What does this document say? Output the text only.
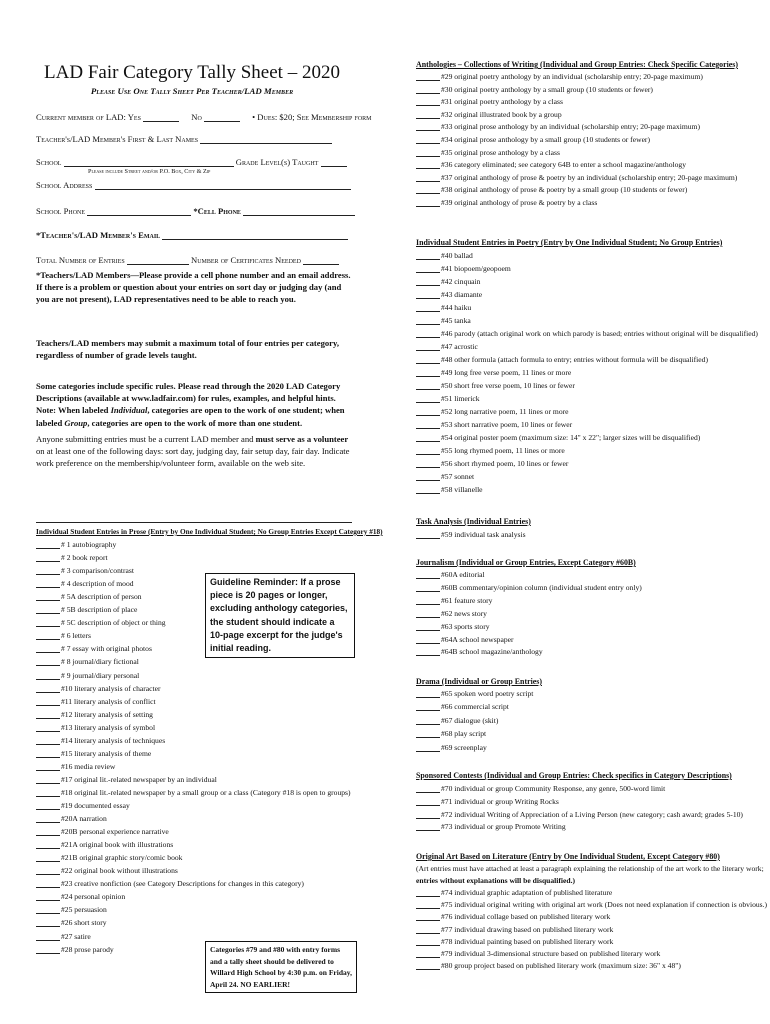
LAD Fair Category Tally Sheet – 2020
Please Use One Tally Sheet Per Teacher/LAD Member
Current member of LAD: Yes	No	• Dues: $20; See Membership form
Teacher's/LAD Member's First & Last Names
School	Grade Level(s) Taught
Please include Street and/or P.O. Box, City & Zip
School Address
School Phone	*Cell Phone
*Teacher's/LAD Member's Email
Total Number of Entries	Number of Certificates Needed
*Teachers/LAD Members—Please provide a cell phone number and an email address. If there is a problem or question about your entries on sort day or judging day (and you are not present), LAD representatives need to be able to reach you.
Teachers/LAD members may submit a maximum total of four entries per category, regardless of number of grade levels taught.
Some categories include specific rules. Please read through the 2020 LAD Category Descriptions (available at www.ladfair.com) for rules, examples, and helpful hints. Note: When labeled Individual, categories are open to the work of one student; when labeled Group, categories are open to the work of more than one student.
Anyone submitting entries must be a current LAD member and must serve as a volunteer on at least one of the following days: sort day, judging day, fair setup day, fair day. Indicate work preference on the membership/volunteer form, available on the web site.
Individual Student Entries in Prose (Entry by One Individual Student; No Group Entries Except Category #18)
# 1 autobiography
# 2 book report
# 3 comparison/contrast
# 4 description of mood
# 5A description of person
# 5B description of place
# 5C description of object or thing
# 6 letters
# 7 essay with original photos
# 8 journal/diary fictional
# 9 journal/diary personal
#10 literary analysis of character
#11 literary analysis of conflict
#12 literary analysis of setting
#13 literary analysis of symbol
#14 literary analysis of techniques
#15 literary analysis of theme
#16 media review
#17 original lit.-related newspaper by an individual
#18 original lit.-related newspaper by a small group or a class (Category #18 is open to groups)
#19 documented essay
#20A narration
#20B personal experience narrative
#21A original book with illustrations
#21B original graphic story/comic book
#22 original book without illustrations
#23 creative nonfiction (see Category Descriptions for changes in this category)
#24 personal opinion
#25 persuasion
#26 short story
#27 satire
#28 prose parody
Guideline Reminder: If a prose piece is 20 pages or longer, excluding anthology categories, the student should indicate a 10-page excerpt for the judge's initial reading.
Categories #79 and #80 with entry forms and a tally sheet should be delivered to Willard High School by 4:30 p.m. on Friday, April 24. NO EARLIER!
Anthologies – Collections of Writing (Individual and Group Entries: Check Specific Categories)
#29 original poetry anthology by an individual (scholarship entry; 20-page maximum)
#30 original poetry anthology by a small group (10 students or fewer)
#31 original poetry anthology by a class
#32 original illustrated book by a group
#33 original prose anthology by an individual (scholarship entry; 20-page maximum)
#34 original prose anthology by a small group (10 students or fewer)
#35 original prose anthology by a class
#36 category eliminated; see category 64B to enter a school magazine/anthology
#37 original anthology of prose & poetry by an individual (scholarship entry; 20-page maximum)
#38 original anthology of prose & poetry by a small group (10 students or fewer)
#39 original anthology of prose & poetry by a class
Individual Student Entries in Poetry (Entry by One Individual Student; No Group Entries)
#40 ballad
#41 biopoem/geopoem
#42 cinquain
#43 diamante
#44 haiku
#45 tanka
#46 parody (attach original work on which parody is based; entries without original will be disqualified)
#47 acrostic
#48 other formula (attach formula to entry; entries without formula will be disqualified)
#49 long free verse poem, 11 lines or more
#50 short free verse poem, 10 lines or fewer
#51 limerick
#52 long narrative poem, 11 lines or more
#53 short narrative poem, 10 lines or fewer
#54 original poster poem (maximum size: 14" x 22"; larger sizes will be disqualified)
#55 long rhymed poem, 11 lines or more
#56 short rhymed poem, 10 lines or fewer
#57 sonnet
#58 villanelle
Task Analysis (Individual Entries)
#59 individual task analysis
Journalism (Individual or Group Entries, Except Category #60B)
#60A editorial
#60B commentary/opinion column (individual student entry only)
#61 feature story
#62 news story
#63 sports story
#64A school newspaper
#64B school magazine/anthology
Drama (Individual or Group Entries)
#65 spoken word poetry script
#66 commercial script
#67 dialogue (skit)
#68 play script
#69 screenplay
Sponsored Contests (Individual and Group Entries: Check specifics in Category Descriptions)
#70 individual or group Community Response, any genre, 500-word limit
#71 individual or group Writing Rocks
#72 individual Writing of Appreciation of a Living Person (new category; cash award; grades 5-10)
#73 individual or group Promote Writing
Original Art Based on Literature (Entry by One Individual Student, Except Category #80)
(Art entries must have attached at least a paragraph explaining the relationship of the art work to the literary work;
entries without explanations will be disqualified.)
#74 individual graphic adaptation of published literature
#75 individual original writing with original art work (Does not need explanation if connection is obvious.)
#76 individual collage based on published literary work
#77 individual drawing based on published literary work
#78 individual painting based on published literary work
#79 individual 3-dimensional structure based on published literary work
#80 group project based on published literary work (maximum size: 36" x 48")
